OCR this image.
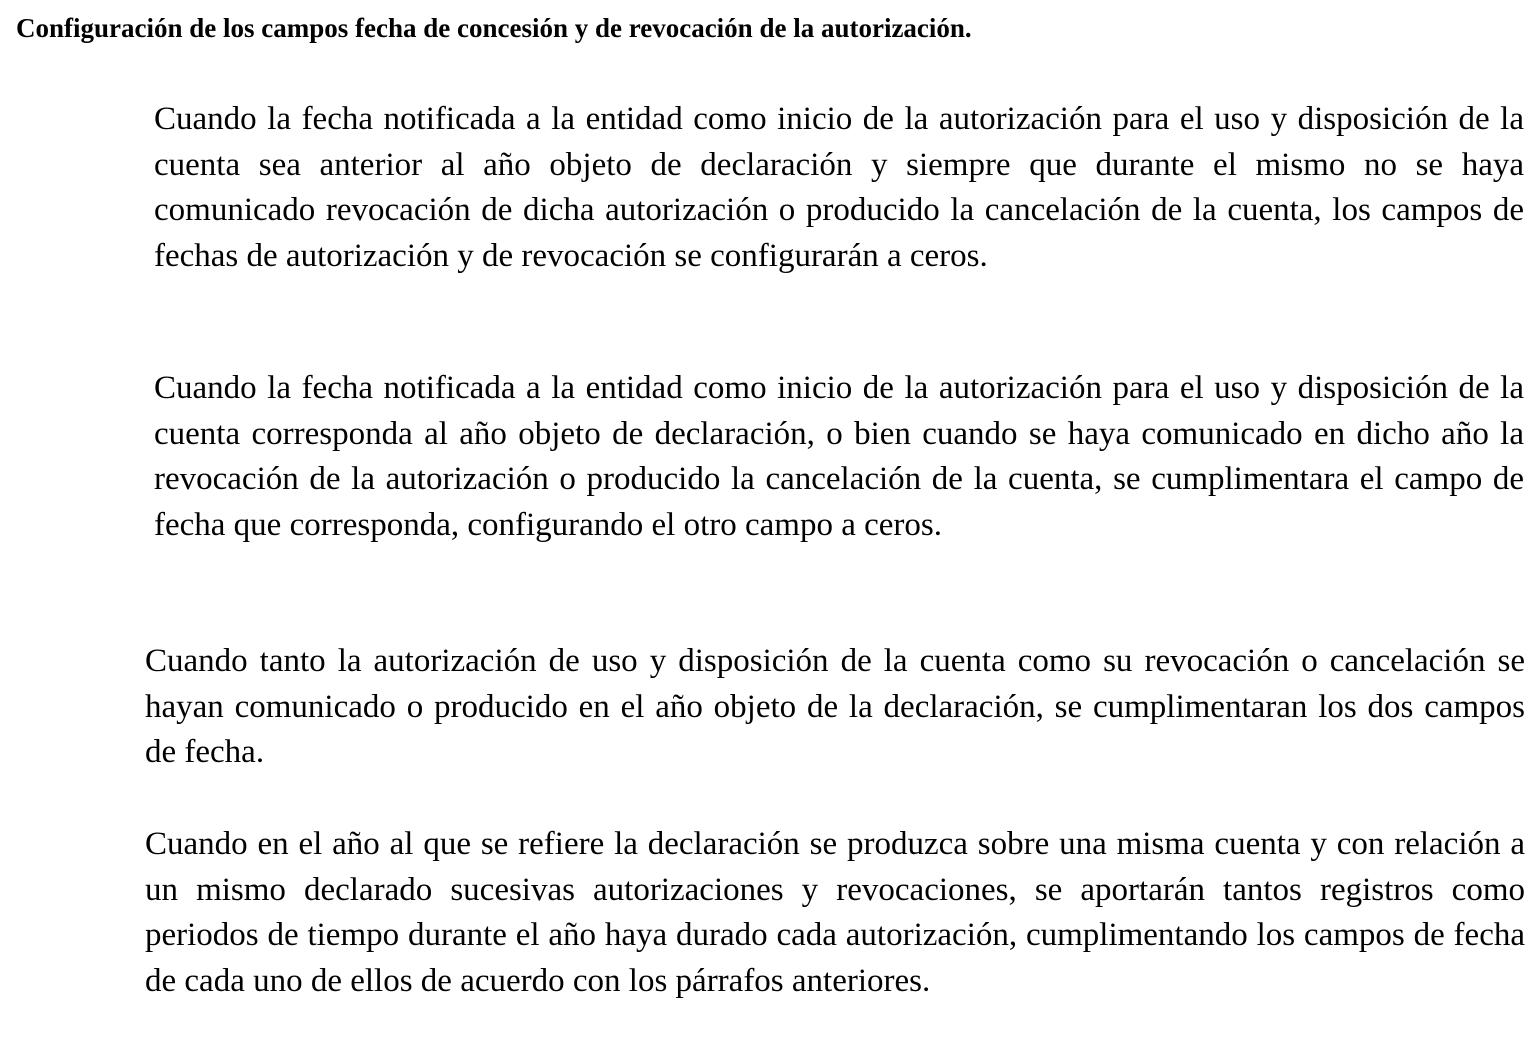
Configuración de los campos fecha de concesión y de revocación de la autorización.

Cuando la fecha notificada a la entidad como inicio de la autorización para el uso y disposición de la cuenta sea anterior al año objeto de declaración y siempre que durante el mismo no se haya comunicado revocación de dicha autorización o producido la cancelación de la cuenta, los campos de fechas de autorización y de revocación se configurarán a ceros.

Cuando la fecha notificada a la entidad como inicio de la autorización para el uso y disposición de la cuenta corresponda al año objeto de declaración, o bien cuando se haya comunicado en dicho año la revocación de la autorización o producido la cancelación de la cuenta, se cumplimentara el campo de fecha que corresponda, configurando el otro campo a ceros.

Cuando tanto la autorización de uso y disposición de la cuenta como su revocación o cancelación se hayan comunicado o producido en el año objeto de la declaración, se cumplimentaran los dos campos de fecha.

Cuando en el año al que se refiere la declaración se produzca sobre una misma cuenta y con relación a un mismo declarado sucesivas autorizaciones y revocaciones, se aportarán tantos registros como periodos de tiempo durante el año haya durado cada autorización, cumplimentando los campos de fecha de cada uno de ellos de acuerdo con los párrafos anteriores.
